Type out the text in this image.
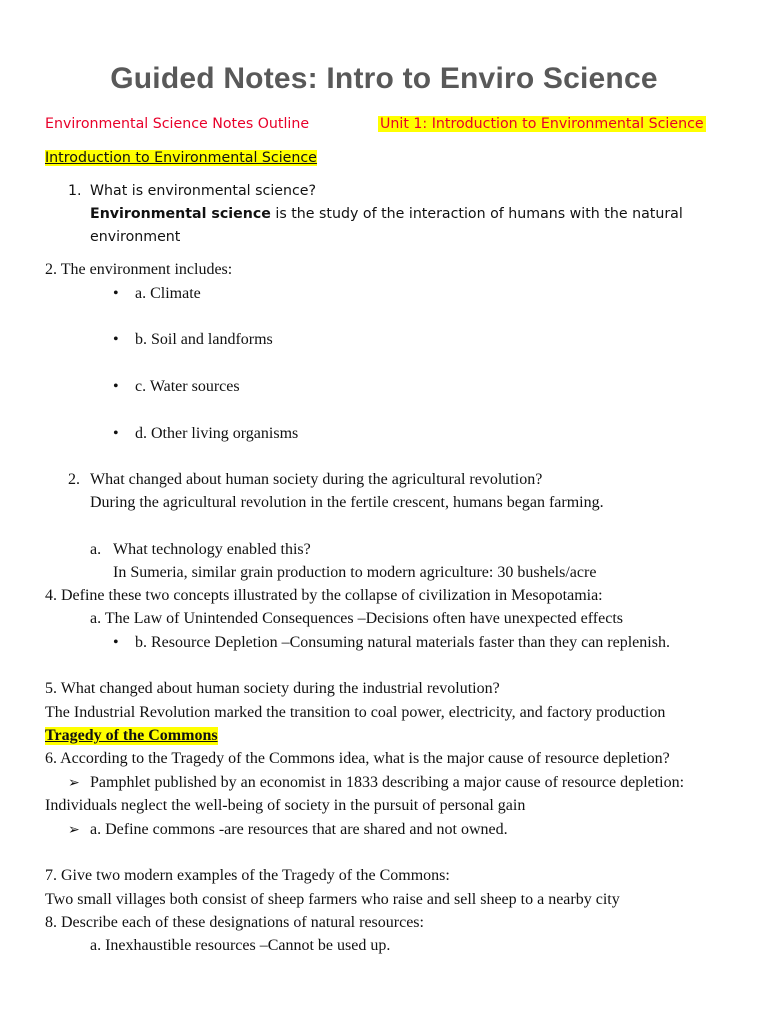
Guided Notes: Intro to Enviro Science
Environmental Science Notes Outline	Unit 1: Introduction to Environmental Science
Introduction to Environmental Science
1. What is environmental science?
Environmental science is the study of the interaction of humans with the natural
environment
2. The environment includes:
• a. Climate
• b. Soil and landforms
• c. Water sources
• d. Other living organisms
2. What changed about human society during the agricultural revolution?
During the agricultural revolution in the fertile crescent, humans began farming.
a. What technology enabled this?
In Sumeria, similar grain production to modern agriculture: 30 bushels/acre
4. Define these two concepts illustrated by the collapse of civilization in Mesopotamia:
a. The Law of Unintended Consequences –Decisions often have unexpected effects
• b. Resource Depletion –Consuming natural materials faster than they can replenish.
5. What changed about human society during the industrial revolution?
The Industrial Revolution marked the transition to coal power, electricity, and factory production
Tragedy of the Commons
6. According to the Tragedy of the Commons idea, what is the major cause of resource depletion?
➢ Pamphlet published by an economist in 1833 describing a major cause of resource depletion:
Individuals neglect the well-being of society in the pursuit of personal gain
➢ a. Define commons -are resources that are shared and not owned.
7. Give two modern examples of the Tragedy of the Commons:
Two small villages both consist of sheep farmers who raise and sell sheep to a nearby city
8. Describe each of these designations of natural resources:
a. Inexhaustible resources –Cannot be used up.
